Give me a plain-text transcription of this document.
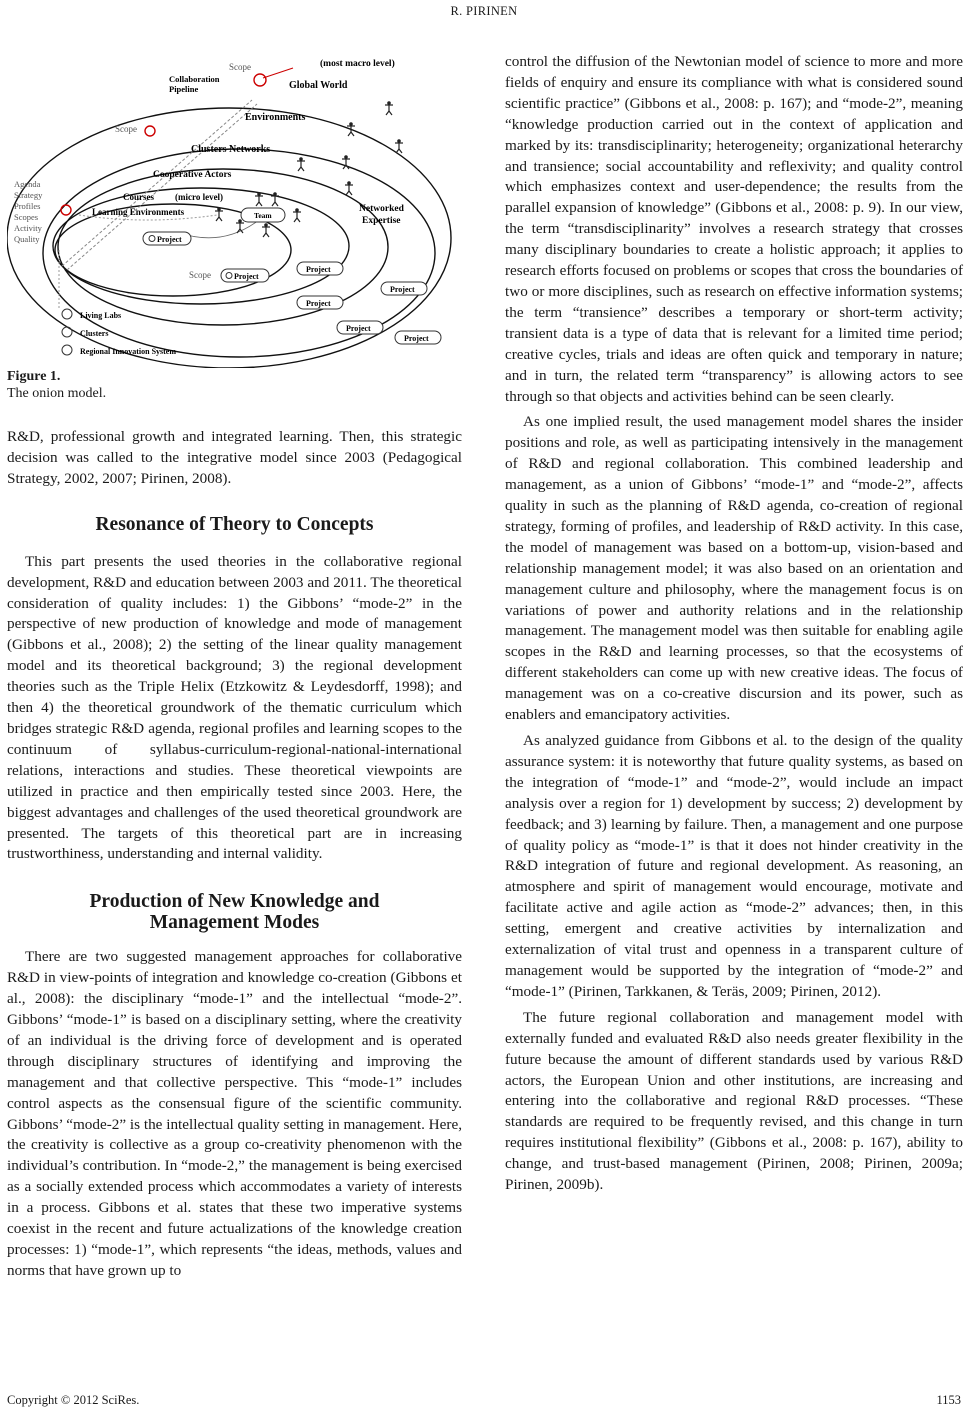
R. PIRINEN
Scope	(most macro level)
Collaboration
Pipeline	Global World
Environments
Scope
Clusters Networks
Cooperative Actors
Courses (micro level)
Learning Environments	Networked
Expertise
Scope
Team
Project
Project
Project
Project
Project
Project
Project
Agenda
Strategy
Profiles
Scopes
Activity
Quality
Living Labs
Clusters
Regional Innovation System
Figure 1.
The onion model.

R&D, professional growth and integrated learning. Then, this strategic decision was called to the integrative model since 2003 (Pedagogical Strategy, 2002, 2007; Pirinen, 2008).

Resonance of Theory to Concepts

This part presents the used theories in the collaborative regional development, R&D and education between 2003 and 2011. The theoretical consideration of quality includes: 1) the Gibbons’ “mode-2” in the perspective of new production of knowledge and mode of management (Gibbons et al., 2008); 2) the setting of the linear quality management model and its theoretical background; 3) the regional development theories such as the Triple Helix (Etzkowitz & Leydesdorff, 1998); and then 4) the theoretical groundwork of the thematic curriculum which bridges strategic R&D agenda, regional profiles and learning scopes to the continuum of syllabus-curriculum-regional-national-international relations, interactions and studies. These theoretical viewpoints are utilized in practice and then empirically tested since 2003. Here, the biggest advantages and challenges of the used theoretical groundwork are presented. The targets of this theoretical part are in increasing trustworthiness, understanding and internal validity.

Production of New Knowledge and
Management Modes

There are two suggested management approaches for collaborative R&D in view-points of integration and knowledge co-creation (Gibbons et al., 2008): the disciplinary “mode-1” and the intellectual “mode-2”. Gibbons’ “mode-1” is based on a disciplinary setting, where the creativity of an individual is the driving force of development and is operated through disciplinary structures of identifying and improving the management and that collective perspective. This “mode-1” includes control aspects as the consensual figure of the scientific community. Gibbons’ “mode-2” is the intellectual quality setting in management. Here, the creativity is collective as a group co-creativity phenomenon with the individual’s contribution. In “mode-2,” the management is being exercised as a socially extended process which accommodates a variety of interests in a process. Gibbons et al. states that these two imperative systems coexist in the recent and future actualizations of the knowledge creation processes: 1) “mode-1”, which represents “the ideas, methods, values and norms that have grown up to

control the diffusion of the Newtonian model of science to more and more fields of enquiry and ensure its compliance with what is considered sound scientific practice” (Gibbons et al., 2008: p. 167); and “mode-2”, meaning “knowledge production carried out in the context of application and marked by its: transdisciplinarity; heterogeneity; organizational heterarchy and transience; social accountability and reflexivity; and quality control which emphasizes context and user-dependence; the results from the parallel expansion of knowledge” (Gibbons et al., 2008: p. 9). In our view, the term “transdisciplinarity” involves a research strategy that crosses many disciplinary boundaries to create a holistic approach; it applies to research efforts focused on problems or scopes that cross the boundaries of two or more disciplines, such as research on effective information systems; the term “transience” describes a temporary or short-term activity; transient data is a type of data that is relevant for a limited time period; creative cycles, trials and ideas are often quick and temporary in nature; and in turn, the related term “transparency” is allowing actors to see through so that objects and activities behind can be seen clearly.

As one implied result, the used management model shares the insider positions and role, as well as participating intensively in the management of R&D and regional collaboration. This combined leadership and management, as a union of Gibbons’ “mode-1” and “mode-2”, affects quality in such as the planning of R&D agenda, co-creation of regional strategy, forming of profiles, and leadership of R&D activity. In this case, the model of management was based on a bottom-up, vision-based and relationship management model; it was also based on an orientation and management culture and philosophy, where the management focus is on variations of power and authority relations and in the relationship management. The management model was then suitable for enabling agile scopes in the R&D and learning processes, so that the ecosystems of different stakeholders can come up with new creative ideas. The focus of management was on a co-creative discursion and its power, such as enablers and emancipatory activities.

As analyzed guidance from Gibbons et al. to the design of the quality assurance system: it is noteworthy that future quality systems, as based on the integration of “mode-1” and “mode-2”, would include an impact analysis over a region for 1) development by success; 2) development by feedback; and 3) learning by failure. Then, a management and one purpose of quality policy as “mode-1” is that it does not hinder creativity in the R&D integration of future and regional development. As reasoning, an atmosphere and spirit of management would encourage, motivate and facilitate active and agile action as “mode-2” advances; then, in this setting, emergent and creative activities by internalization and externalization of vital trust and openness in a transparent culture of management would be supported by the integration of “mode-2” and “mode-1” (Pirinen, Tarkkanen, & Teräs, 2009; Pirinen, 2012).

The future regional collaboration and management model with externally funded and evaluated R&D also needs greater flexibility in the future because the amount of different standards used by various R&D actors, the European Union and other institutions, are increasing and entering into the collaborative and regional R&D processes. “These standards are required to be frequently revised, and this change in turn requires institutional flexibility” (Gibbons et al., 2008: p. 167), ability to change, and trust-based management (Pirinen, 2008; Pirinen, 2009a; Pirinen, 2009b).

Copyright © 2012 SciRes.	1153
